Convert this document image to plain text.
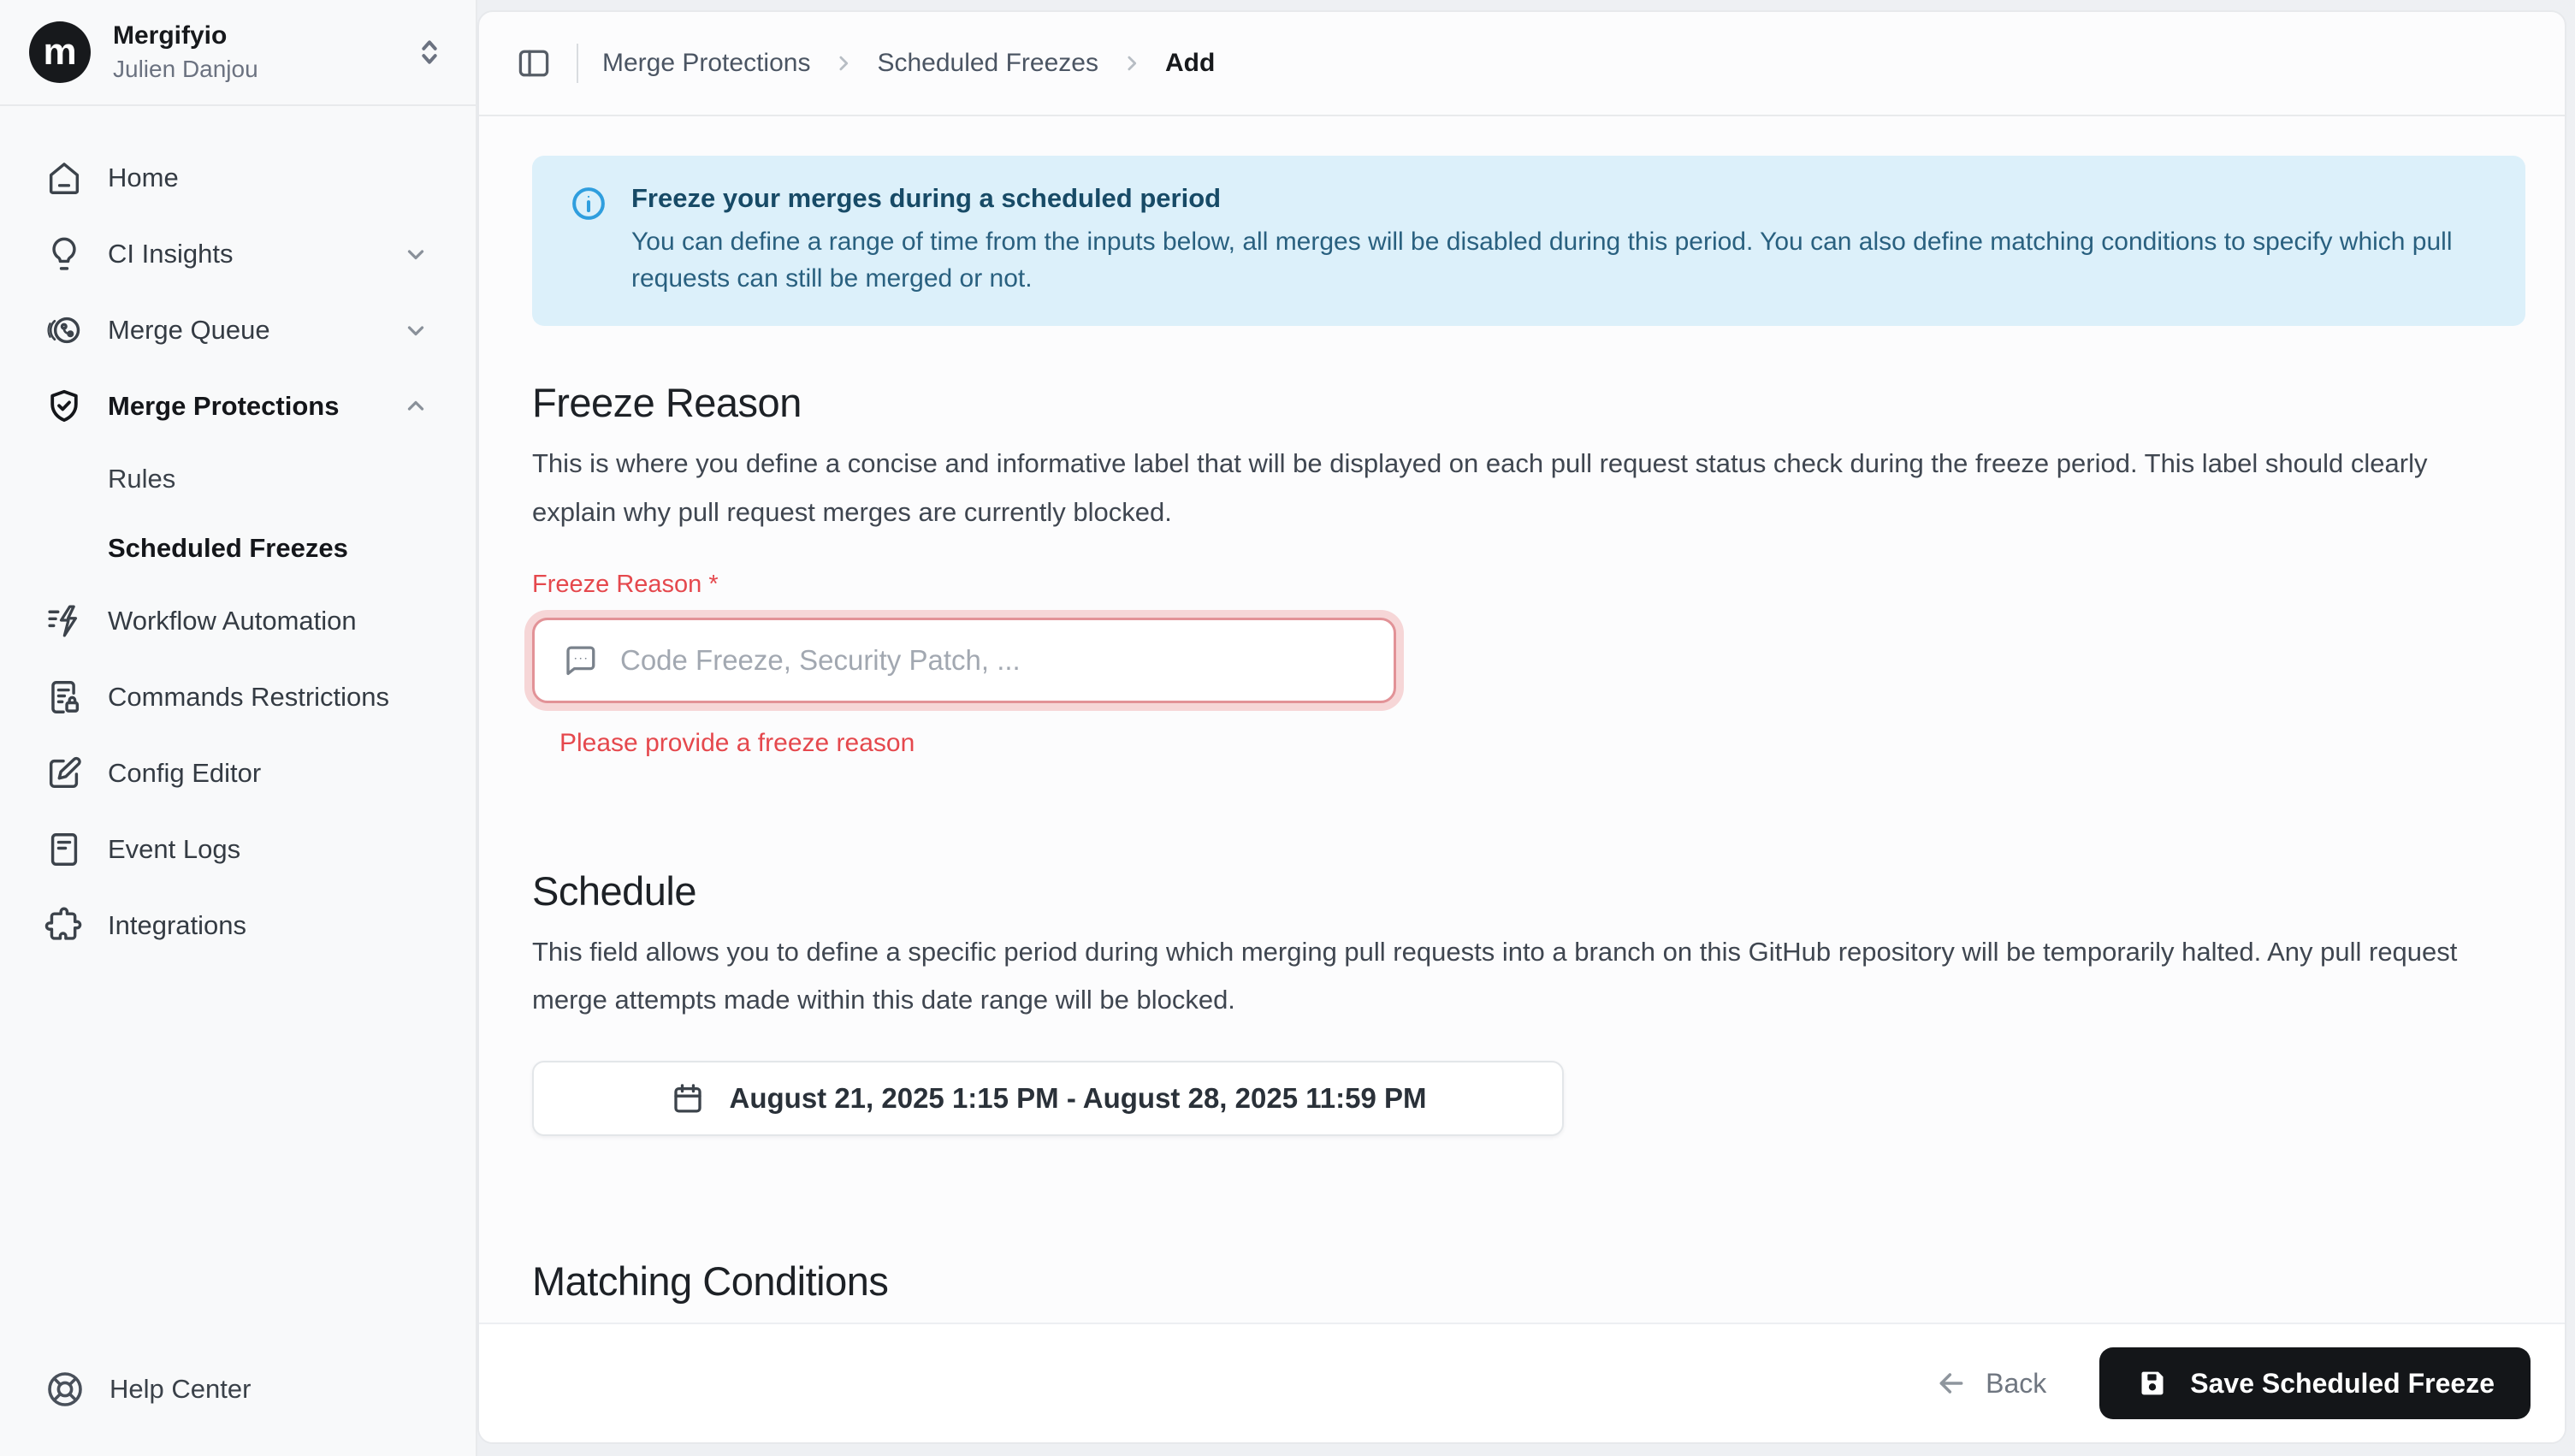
m	Mergifyio
Julien Danjou
Home
CI Insights
Merge Queue
Merge Protections
Rules
Scheduled Freezes
Workflow Automation
Commands Restrictions
Config Editor
Event Logs
Integrations
Help Center
Merge Protections	Scheduled Freezes	Add
Freeze your merges during a scheduled period
You can define a range of time from the inputs below, all merges will be disabled during this period. You can also define matching conditions to specify which pull requests can still be merged or not.
Freeze Reason

This is where you define a concise and informative label that will be displayed on each pull request status check during the freeze period. This label should clearly explain why pull request merges are currently blocked.

Freeze Reason *
Code Freeze, Security Patch, ...
Please provide a freeze reason
Schedule

This field allows you to define a specific period during which merging pull requests into a branch on this GitHub repository will be temporarily halted. Any pull request merge attempts made within this date range will be blocked.

August 21, 2025 1:15 PM - August 28, 2025 11:59 PM
Matching Conditions

Back	Save Scheduled Freeze
